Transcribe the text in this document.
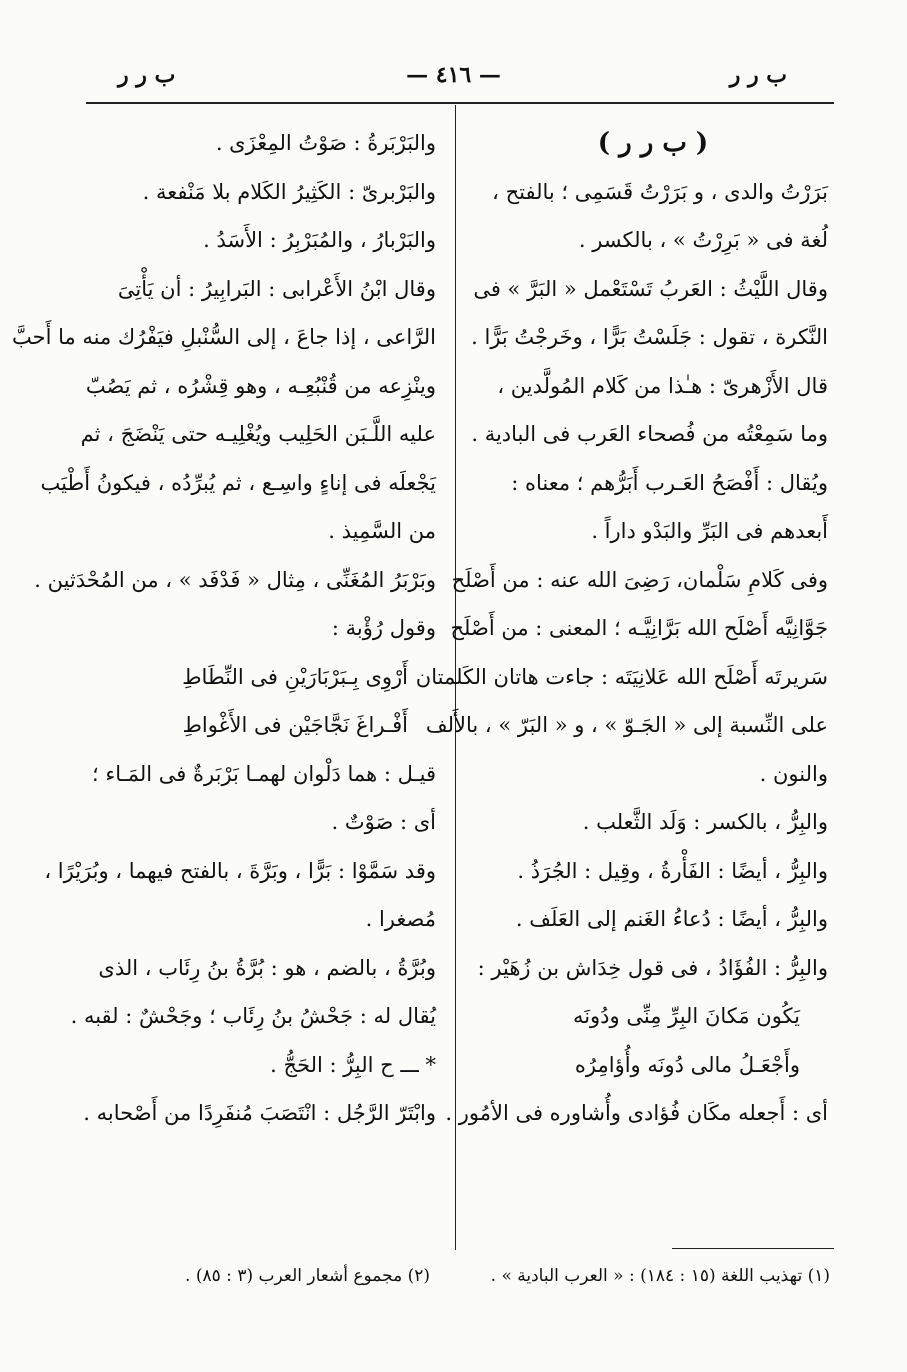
ب ر ر	— ٤١٦ —	ب ر ر
( ب ر ر )
بَرَرْتُ والدى ، و بَرَرْتُ قَسَمِى ؛ بالفتح ،
لُغة فى « بَرِرْتُ » ، بالكسر .
وقال اللَّيْثُ : العَربُ تَسْتَعْمل « البَرَّ » فى
النَّكرة ، تقول : جَلَسْتُ بَرًّا ، وخَرجْتُ بَرًّا .
قال الأَزْهرىّ : هـٰذا من كَلام المُولَّدين ،
وما سَمِعْتُه من فُصحاء العَرب فى البادية .
ويُقال : أَفْصَحُ العَـرب أَبَرُّهم ؛ معناه :
أَبعدهم فى البَرِّ والبَدْو داراً .
وفى كَلامِ سَلْمان، رَضِىَ الله عنه : من أَصْلَح
جَوَّانِيَّه أَصْلَح الله بَرَّانِيَّـه ؛ المعنى : من أَصْلَح
سَريرتَه أَصْلَح الله عَلانِيَتَه : جاءت هاتان الكَلمتان
على النِّسبة إلى « الجَـوّ » ، و « البَرّ » ، بالأَلف
والنون .
والبِرُّ ، بالكسر : وَلَد الثَّعلب .
والبِرُّ ، أيضًا : الفَأْرةُ ، وقِيل : الجُرَذُ .
والبِرُّ ، أيضًا : دُعاءُ الغَنم إلى العَلَف .
والبِرُّ : الفُؤَادُ ، فى قول خِدَاش بن زُهَيْر :
يَكُون مَكانَ البِرِّ مِنِّى ودُونَه
وأَجْعَـلُ مالى دُونَه وأُؤامِرُه
أى : أَجعله مكَان فُؤادى وأُشاوره فى الأمُور .
والبَرْبَرةُ : صَوْتُ المِعْزَى .
والبَرْبرىّ : الكَثِيرُ الكَلام بلا مَنْفعة .
والبَرْبارُ ، والمُبَرْبِرُ : الأَسَدُ .
وقال ابْنُ الأَعْرابى : البَرابِيرُ : أن يَأْتِىَ
الرَّاعى ، إذا جاعَ ، إلى السُّنْبلِ فيَفْرُك منه ما أَحبَّ
وينْزِعه من قُنْبُعِـه ، وهو قِشْرُه ، ثم يَصُبّ
عليه اللَّـبَن الحَلِيب ويُغْلِيـه حتى يَنْضَجَ ، ثم
يَجْعلَه فى إناءٍ واسِـع ، ثم يُبرِّدُه ، فيكونُ أَطْيَب
من السَّمِيذ .
وبَرْبَرُ المُغَنِّى ، مِثال « فَدْفَد » ، من المُحْدَثين .
وقول رُؤْبة :
أَرْوِى بِـبَرْبَارَيْنِ فى النِّطَاطِ
أَفْـراغَ نَجَّاجَيْن فى الأَغْواطِ
قيـل : هما دَلْوان لهمـا بَرْبَرةٌ فى المَـاء ؛
أى : صَوْتٌ .
وقد سَمَّوْا : بَرًّا ، وبَرَّةَ ، بالفتح فيهما ، وبُرَيْرًا ،
مُصغرا .
وبُرَّةُ ، بالضم ، هو : بُرَّةُ بنُ رِئَاب ، الذى
يُقال له : جَحْشُ بنُ رِئَاب ؛ وجَحْشٌ : لقبه .
* ـــ ح البِرُّ : الحَجُّ .
وابْتَرّ الرَّجُل : انْتَصَبَ مُنفَرِدًا من أَصْحابه .
(١) تهذيب اللغة (١٥ : ١٨٤) : « العرب البادية » .
(٢) مجموع أشعار العرب (٣ : ٨٥) .
